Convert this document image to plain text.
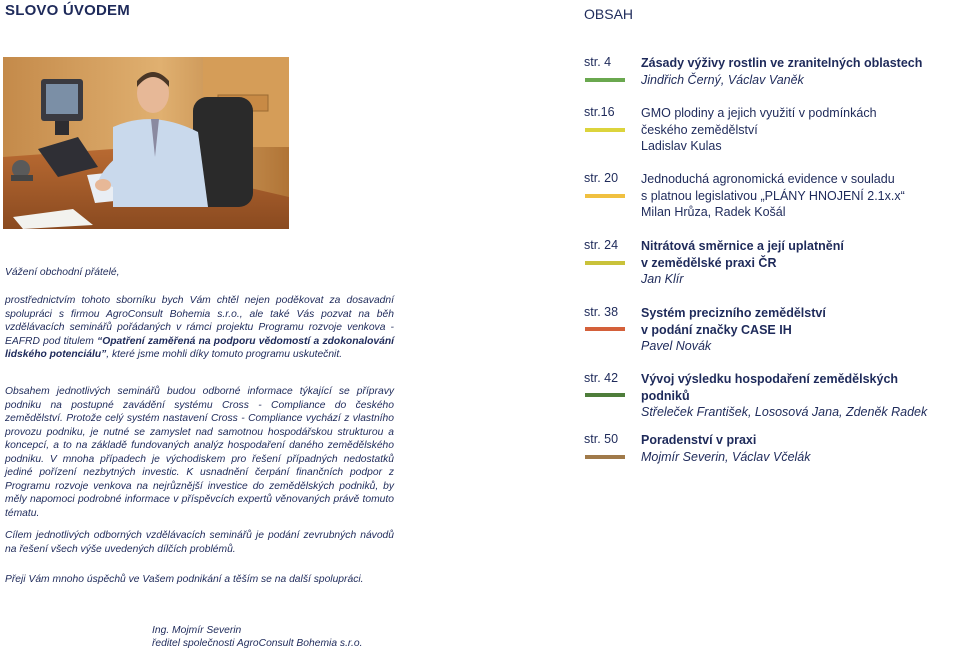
SLOVO ÚVODEM	OBSAH
Vážení obchodní přátelé,
prostřednictvím tohoto sborníku bych Vám chtěl nejen poděkovat za dosavadní spolupráci s firmou AgroConsult Bohemia s.r.o., ale také Vás pozvat na běh vzdělávacích seminářů pořádaných v rámci projektu Programu rozvoje venkova - EAFRD pod titulem “Opatření zaměřená na podporu vědomostí a zdokonalování lidského potenciálu”, které jsme mohli díky tomuto programu uskutečnit.
Obsahem jednotlivých seminářů budou odborné informace týkající se přípravy podniku na postupné zavádění systému Cross - Compliance do českého zemědělství. Protože celý systém nastavení Cross - Compliance vychází z vlastního provozu podniku, je nutné se zamyslet nad samotnou hospodářskou strukturou a koncepcí, a to na základě fundovaných analýz hospodaření daného zemědělského podniku. V mnoha případech je východiskem pro řešení případných nedostatků jediné pořízení nezbytných investic. K usnadnění čerpání finančních podpor z Programu rozvoje venkova na nejrůznější investice do zemědělských podniků, by měly napomoci podrobné informace v příspěvcích expertů věnovaných právě tomuto tématu.
Cílem jednotlivých odborných vzdělávacích seminářů je podání zevrubných návodů na řešení všech výše uvedených dílčích problémů.
Přeji Vám mnoho úspěchů ve Vašem podnikání a těším se na další spolupráci.
Ing. Mojmír Severin
ředitel společnosti AgroConsult Bohemia s.r.o.
str. 4 Zásady výživy rostlin ve zranitelných oblastech
Jindřich Černý, Václav Vaněk
str.16 GMO plodiny a jejich využití v podmínkách
českého zemědělství
Ladislav Kulas
str. 20 Jednoduchá agronomická evidence v souladu
s platnou legislativou „PLÁNY HNOJENÍ 2.1x.x“
Milan Hrůza, Radek Košál
str. 24 Nitrátová směrnice a její uplatnění
v zemědělské praxi ČR
Jan Klír
str. 38 Systém precizního zemědělství
v podání značky CASE IH
Pavel Novák
str. 42 Vývoj výsledku hospodaření zemědělských
podniků
Střeleček František, Lososová Jana, Zdeněk Radek
str. 50 Poradenství v praxi
Mojmír Severin, Václav Včelák
